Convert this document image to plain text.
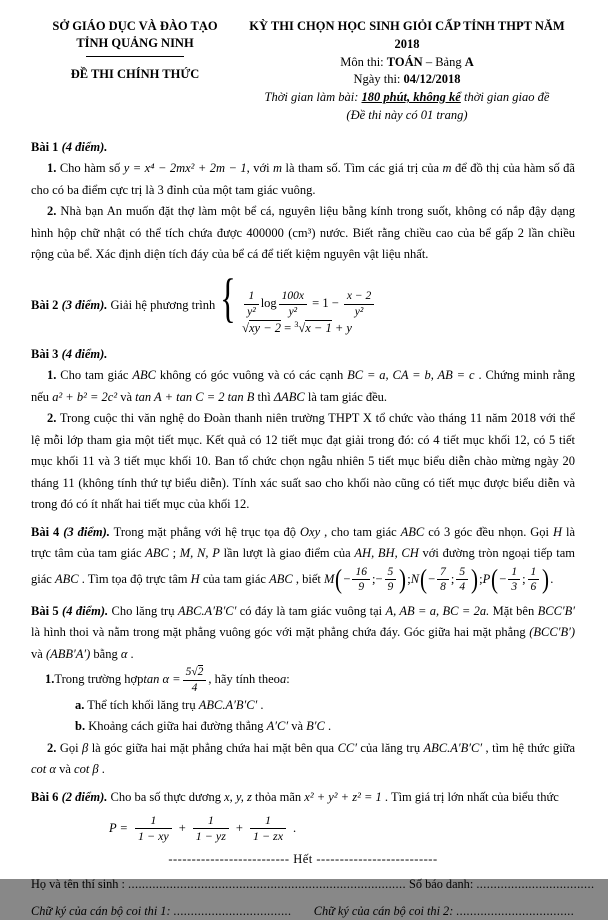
SỞ GIÁO DỤC VÀ ĐÀO TẠO
TỈNH QUẢNG NINH
ĐỀ THI CHÍNH THỨC
KỲ THI CHỌN HỌC SINH GIỎI CẤP TỈNH THPT NĂM 2018
Môn thi: TOÁN – Bảng A
Ngày thi: 04/12/2018
Thời gian làm bài: 180 phút, không kể thời gian giao đề
(Đề thi này có 01 trang)

Bài 1 (4 điểm).

1. Cho hàm số y = x⁴ − 2mx² + 2m − 1, với m là tham số. Tìm các giá trị của m để đồ thị của hàm số đã cho có ba điểm cực trị là 3 đỉnh của một tam giác vuông.

2. Nhà bạn An muốn đặt thợ làm một bể cá, nguyên liệu bằng kính trong suốt, không có nắp đậy dạng hình hộp chữ nhật có thể tích chứa được 400000 (cm³) nước. Biết rằng chiều cao của bể gấp 2 lần chiều rộng của bể. Xác định diện tích đáy của bể cá để tiết kiệm nguyên vật liệu nhất.

Bài 2 (3 điểm). Giải hệ phương trình { $\frac{1}{\text{y²}}$ $\log \frac{100x}{\text{y²}} = 1 - \frac{x - 2}{\text{y²}}$
√xy − 2 = $^3$√x − 1 + y

Bài 3 (4 điểm).

1. Cho tam giác ABC không có góc vuông và có các cạnh BC = a, CA = b, AB = c . Chứng minh rằng nếu a² + b² = 2c² và tan A + tan C = 2 tan B thì ΔABC là tam giác đều.

2. Trong cuộc thi văn nghệ do Đoàn thanh niên trường THPT X tổ chức vào tháng 11 năm 2018 với thể lệ mỗi lớp tham gia một tiết mục. Kết quả có 12 tiết mục đạt giải trong đó: có 4 tiết mục khối 12, có 5 tiết mục khối 11 và 3 tiết mục khối 10. Ban tổ chức chọn ngẫu nhiên 5 tiết mục biểu diễn chào mừng ngày 20 tháng 11 (không tính thứ tự biểu diễn). Tính xác suất sao cho khối nào cũng có tiết mục được biểu diễn và trong đó có ít nhất hai tiết mục của khối 12.

Bài 4 (3 điểm). Trong mặt phẳng với hệ trục tọa độ Oxy , cho tam giác ABC có 3 góc đều nhọn. Gọi H là trực tâm của tam giác ABC ; M, N, P lần lượt là giao điểm của AH, BH, CH với đường tròn ngoại tiếp tam giác ABC . Tìm tọa độ trực tâm H của tam giác ABC , biết $M(- \frac{16}{9}$ ;− $\frac{5}{9}$ );N(− $\frac{7}{8}$ ; $\frac{5}{4}$ );P(− $\frac{1}{3}$ ; $\frac{1}{6}$ ).

Bài 5 (4 điểm). Cho lăng trụ ABC.A′B′C′ có đáy là tam giác vuông tại A, AB = a, BC = 2a. Mặt bên BCC′B′ là hình thoi và nằm trong mặt phẳng vuông góc với mặt phẳng chứa đáy. Góc giữa hai mặt phẳng (BCC′B′) và (ABB′A′) bằng α .

1. Trong trường hợp $\tan \alpha = \frac{5√2}{4}$ , hãy tính theo a :

a. Thể tích khối lăng trụ ABC.A′B′C′ .

b. Khoảng cách giữa hai đường thẳng A′C′ và B′C .

2. Gọi β là góc giữa hai mặt phẳng chứa hai mặt bên qua CC′ của lăng trụ ABC.A′B′C′ , tìm hệ thức giữa cot α và cot β .

Bài 6 (2 điểm). Cho ba số thực dương x, y, z thỏa mãn x² + y² + z² = 1 . Tìm giá trị lớn nhất của biểu thức

$P = \frac{1}{1 - xy} + \frac{1}{1 - yz} + \frac{1}{1 - zx}$ .
-------------------------- Hết --------------------------
Họ và tên thí sinh : ................................................................................ Số báo danh: ..................................
Chữ ký của cán bộ coi thi 1: .................................. Chữ ký của cán bộ coi thi 2: ..................................
